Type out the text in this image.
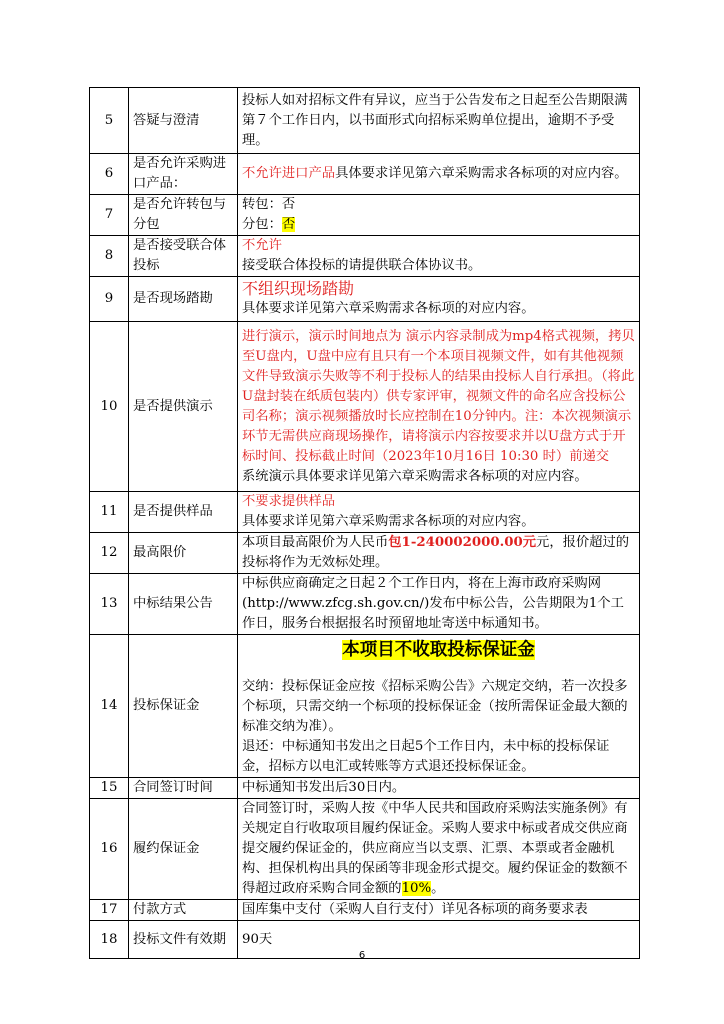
5	答疑与澄清	投标人如对招标文件有异议，应当于公告发布之日起至公告期限满第７个工作日内，以书面形式向招标采购单位提出，逾期不予受理。
6	是否允许采购进口产品：	不允许进口产品具体要求详见第六章采购需求各标项的对应内容。
7	是否允许转包与分包	转包：否
分包：否

8	是否接受联合体投标	不允许
接受联合体投标的请提供联合体协议书。

9	是否现场踏勘	不组织现场踏勘
具体要求详见第六章采购需求各标项的对应内容。

10	是否提供演示	进行演示，演示时间地点为 演示内容录制成为mp4格式视频，拷贝至U盘内，U盘中应有且只有一个本项目视频文件，如有其他视频文件导致演示失败等不利于投标人的结果由投标人自行承担。（将此U盘封装在纸质包装内）供专家评审，视频文件的命名应含投标公司名称；演示视频播放时长应控制在10分钟内。注：本次视频演示环节无需供应商现场操作，请将演示内容按要求并以U盘方式于开标时间、投标截止时间（2023年10月16日 10:30 时）前递交
系统演示具体要求详见第六章采购需求各标项的对应内容。

11	是否提供样品	不要求提供样品
具体要求详见第六章采购需求各标项的对应内容。

12	最高限价	本项目最高限价为人民币包1-240002000.00元元，报价超过的投标将作为无效标处理。
13	中标结果公告	中标供应商确定之日起２个工作日内，将在上海市政府采购网(http://www.zfcg.sh.gov.cn/)发布中标公告，公告期限为1个工作日，服务台根据报名时预留地址寄送中标通知书。
14	投标保证金	本项目不收取投标保证金
交纳：投标保证金应按《招标采购公告》六规定交纳，若一次投多个标项，只需交纳一个标项的投标保证金（按所需保证金最大额的标准交纳为准）。
退还：中标通知书发出之日起5个工作日内，未中标的投标保证金，招标方以电汇或转账等方式退还投标保证金。

15	合同签订时间	中标通知书发出后30日内。
16	履约保证金	合同签订时，采购人按《中华人民共和国政府采购法实施条例》有关规定自行收取项目履约保证金。采购人要求中标或者成交供应商提交履约保证金的，供应商应当以支票、汇票、本票或者金融机构、担保机构出具的保函等非现金形式提交。履约保证金的数额不得超过政府采购合同金额的10%。
17	付款方式	国库集中支付（采购人自行支付）详见各标项的商务要求表
18	投标文件有效期	90天
6
